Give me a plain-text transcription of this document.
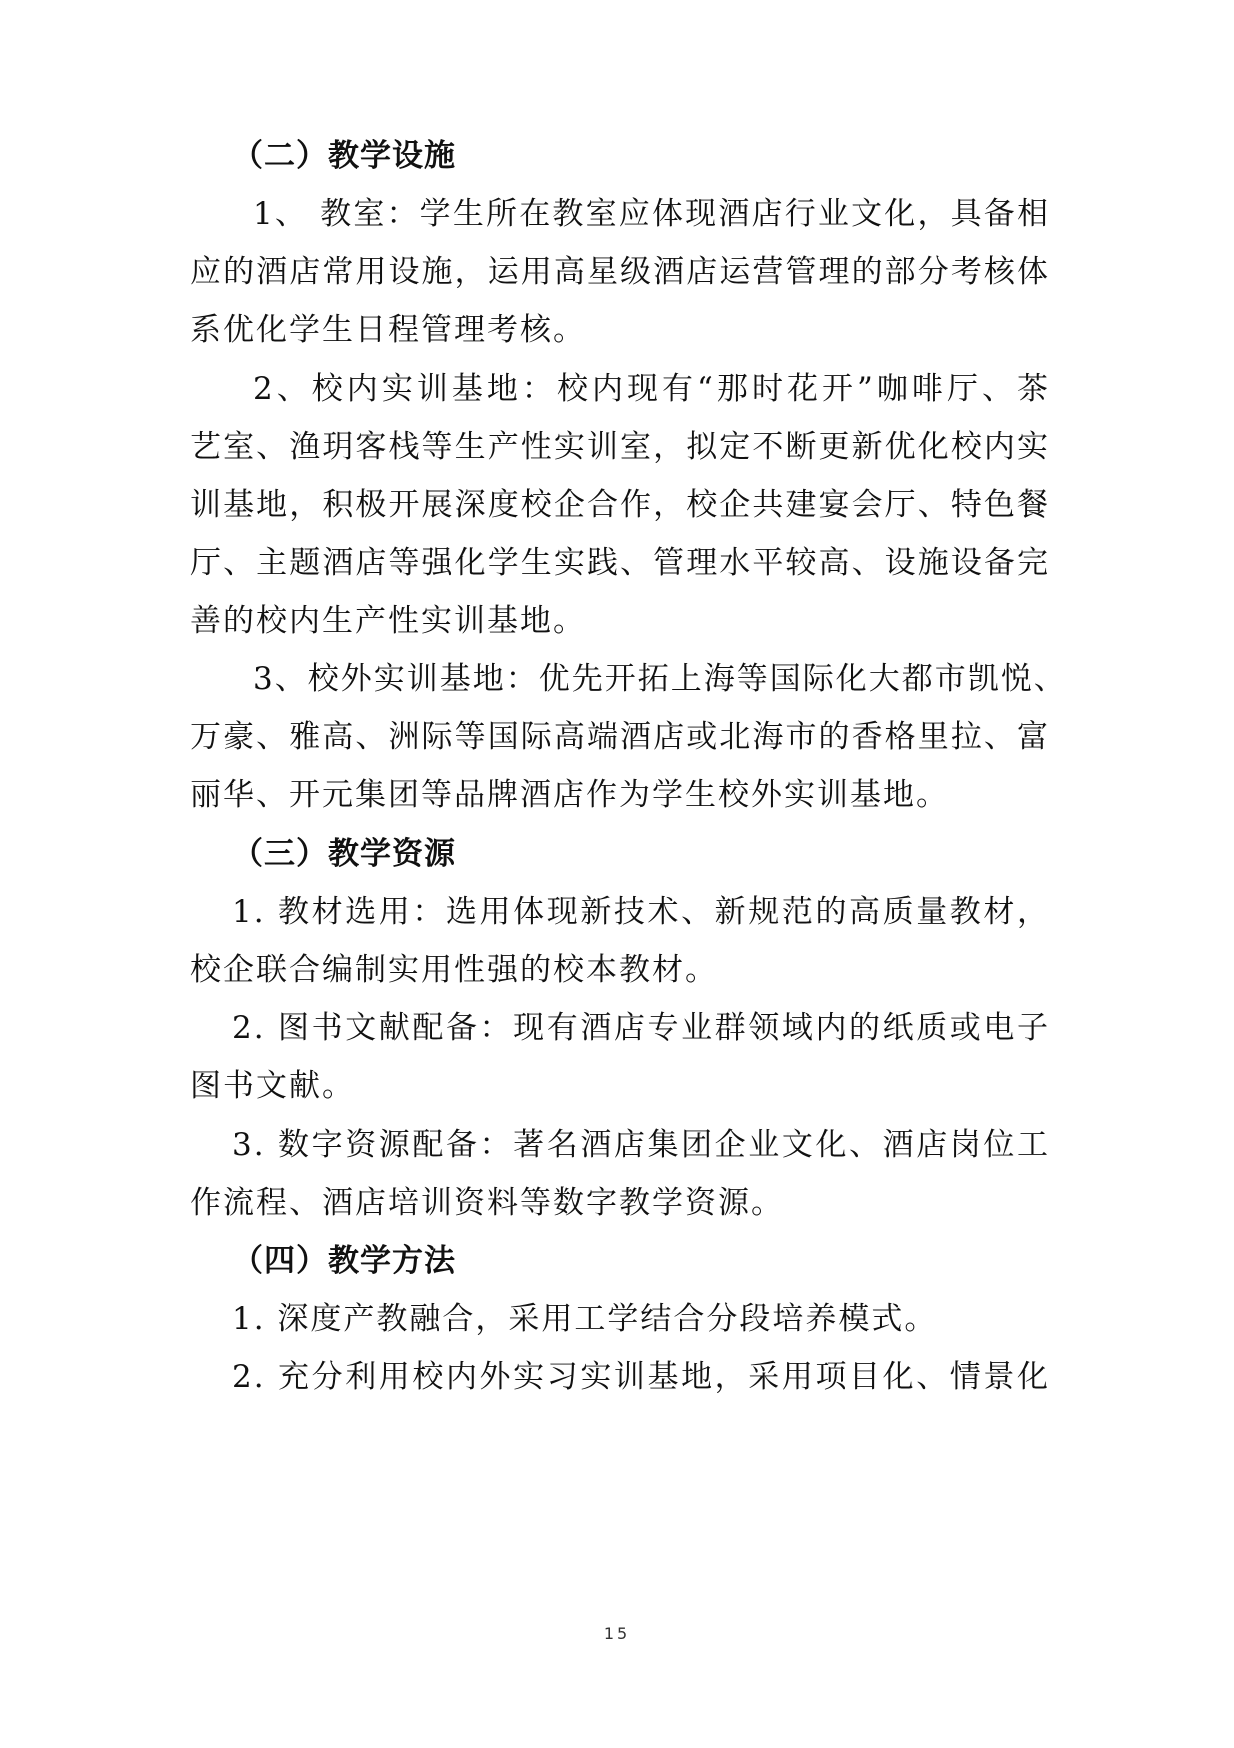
（二）教学设施
1、 教室：学生所在教室应体现酒店行业文化，具备相
应的酒店常用设施，运用高星级酒店运营管理的部分考核体
系优化学生日程管理考核。
2、校内实训基地：校内现有“那时花开”咖啡厅、茶
艺室、渔玥客栈等生产性实训室，拟定不断更新优化校内实
训基地，积极开展深度校企合作，校企共建宴会厅、特色餐
厅、主题酒店等强化学生实践、管理水平较高、设施设备完
善的校内生产性实训基地。
3、校外实训基地：优先开拓上海等国际化大都市凯悦、
万豪、雅高、洲际等国际高端酒店或北海市的香格里拉、富
丽华、开元集团等品牌酒店作为学生校外实训基地。
（三）教学资源
1. 教材选用：选用体现新技术、新规范的高质量教材，
校企联合编制实用性强的校本教材。
2. 图书文献配备：现有酒店专业群领域内的纸质或电子
图书文献。
3. 数字资源配备：著名酒店集团企业文化、酒店岗位工
作流程、酒店培训资料等数字教学资源。
（四）教学方法
1. 深度产教融合，采用工学结合分段培养模式。
2. 充分利用校内外实习实训基地，采用项目化、情景化
15
